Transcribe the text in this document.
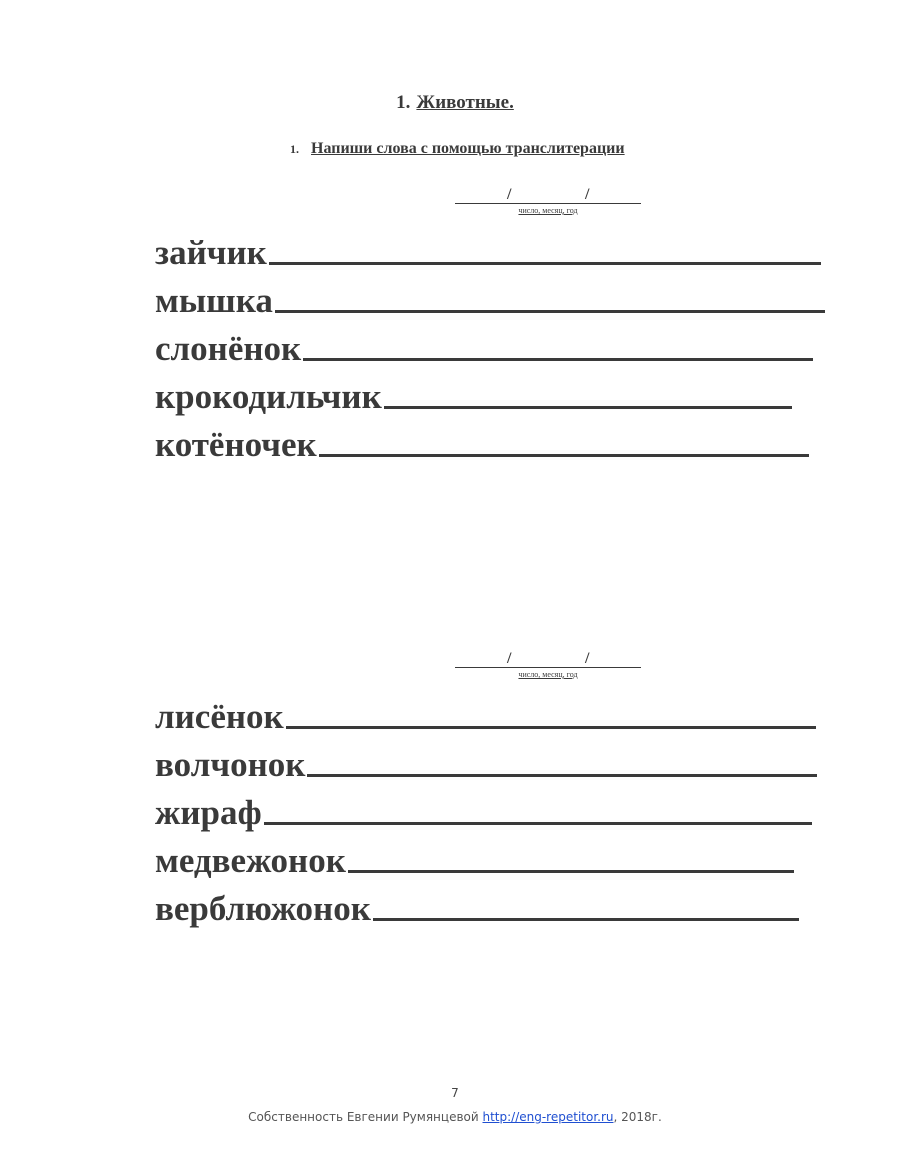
1. Животные.
1. Напиши слова с помощью транслитерации
/	/
число, месяц, год
зайчик
мышка
слонёнок
крокодильчик
котёночек
/	/
число, месяц, год
лисёнок
волчонок
жираф
медвежонок
верблюжонок
7
Собственность Евгении Румянцевой http://eng-repetitor.ru, 2018г.
